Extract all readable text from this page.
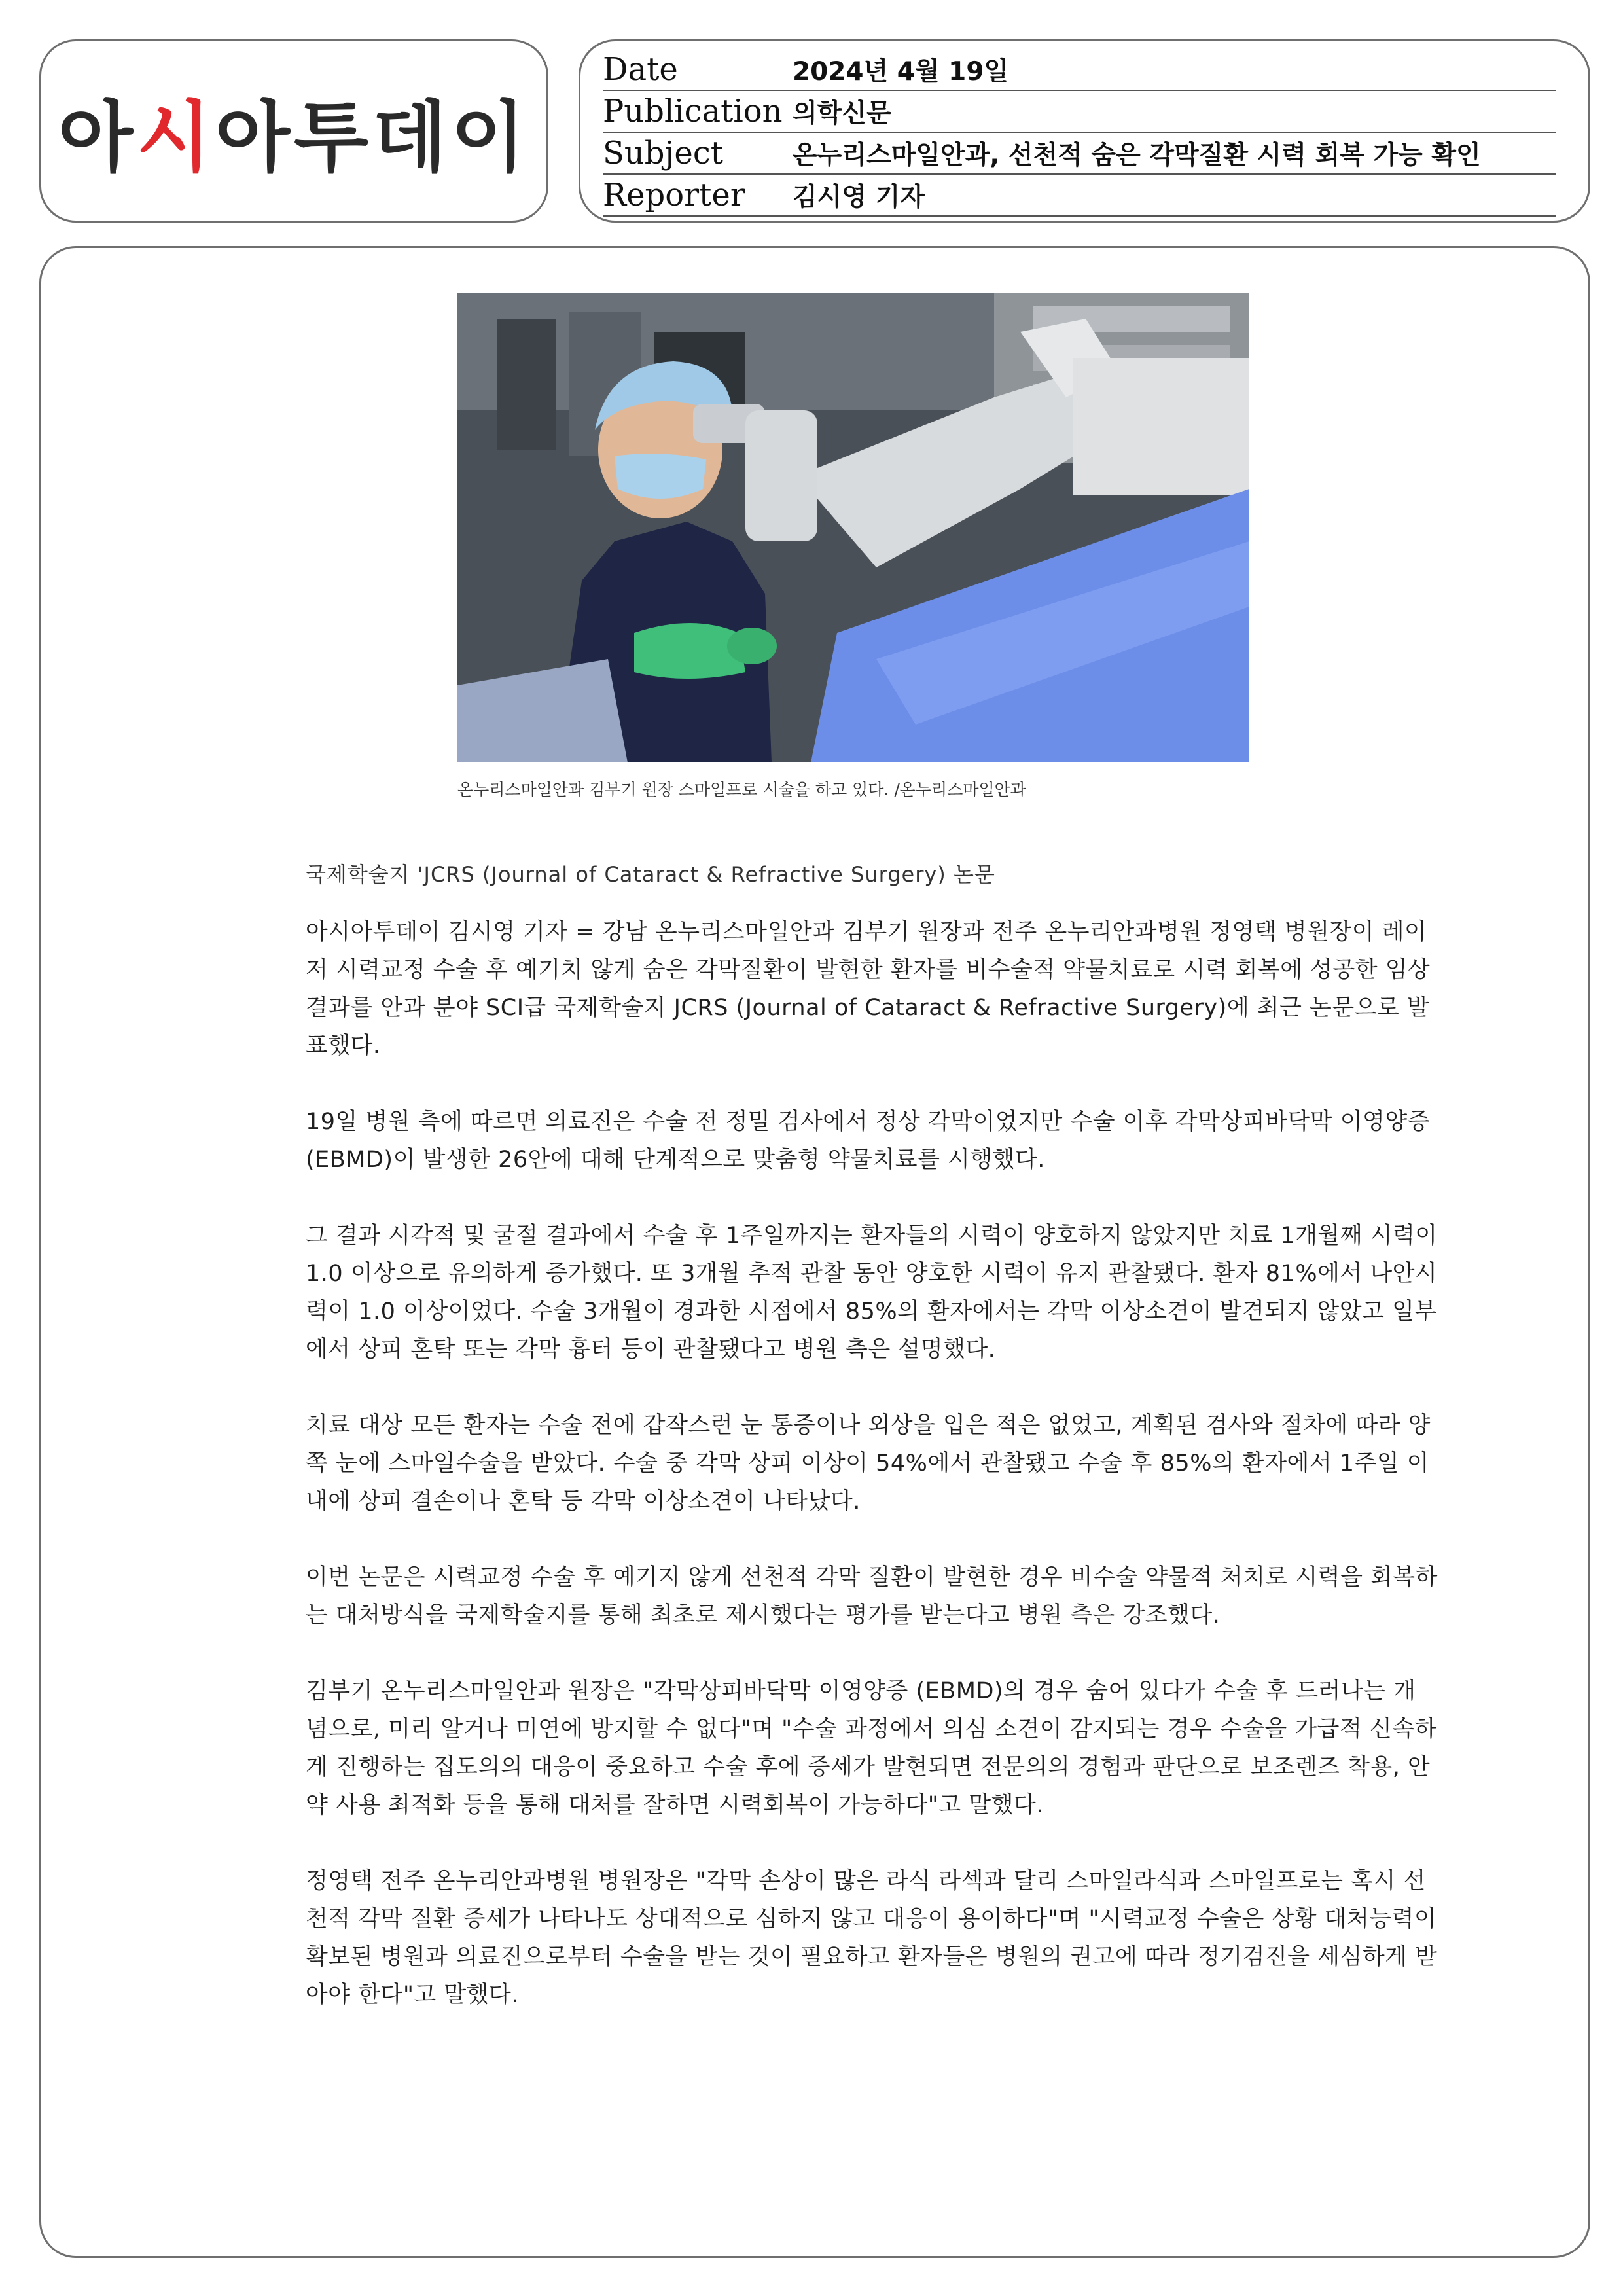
아 시 아투데이
Date	2024년 4월 19일
Publication 의학신문
Subject	온누리스마일안과, 선천적 숨은 각막질환 시력 회복 가능 확인
Reporter	김시영 기자
온누리스마일안과 김부기 원장 스마일프로 시술을 하고 있다. /온누리스마일안과
국제학술지 'JCRS (Journal of Cataract & Refractive Surgery) 논문

아시아투데이 김시영 기자 = 강남 온누리스마일안과 김부기 원장과 전주 온누리안과병원 정영택 병원장이 레이저 시력교정 수술 후 예기치 않게 숨은 각막질환이 발현한 환자를 비수술적 약물치료로 시력 회복에 성공한 임상 결과를 안과 분야 SCI급 국제학술지 JCRS (Journal of Cataract & Refractive Surgery)에 최근 논문으로 발표했다.

19일 병원 측에 따르면 의료진은 수술 전 정밀 검사에서 정상 각막이었지만 수술 이후 각막상피바닥막 이영양증 (EBMD)이 발생한 26안에 대해 단계적으로 맞춤형 약물치료를 시행했다.

그 결과 시각적 및 굴절 결과에서 수술 후 1주일까지는 환자들의 시력이 양호하지 않았지만 치료 1개월째 시력이 1.0 이상으로 유의하게 증가했다. 또 3개월 추적 관찰 동안 양호한 시력이 유지 관찰됐다. 환자 81%에서 나안시력이 1.0 이상이었다. 수술 3개월이 경과한 시점에서 85%의 환자에서는 각막 이상소견이 발견되지 않았고 일부에서 상피 혼탁 또는 각막 흉터 등이 관찰됐다고 병원 측은 설명했다.

치료 대상 모든 환자는 수술 전에 갑작스런 눈 통증이나 외상을 입은 적은 없었고, 계획된 검사와 절차에 따라 양쪽 눈에 스마일수술을 받았다. 수술 중 각막 상피 이상이 54%에서 관찰됐고 수술 후 85%의 환자에서 1주일 이내에 상피 결손이나 혼탁 등 각막 이상소견이 나타났다.

이번 논문은 시력교정 수술 후 예기지 않게 선천적 각막 질환이 발현한 경우 비수술 약물적 처치로 시력을 회복하는 대처방식을 국제학술지를 통해 최초로 제시했다는 평가를 받는다고 병원 측은 강조했다.

김부기 온누리스마일안과 원장은 "각막상피바닥막 이영양증 (EBMD)의 경우 숨어 있다가 수술 후 드러나는 개념으로, 미리 알거나 미연에 방지할 수 없다"며 "수술 과정에서 의심 소견이 감지되는 경우 수술을 가급적 신속하게 진행하는 집도의의 대응이 중요하고 수술 후에 증세가 발현되면 전문의의 경험과 판단으로 보조렌즈 착용, 안약 사용 최적화 등을 통해 대처를 잘하면 시력회복이 가능하다"고 말했다.

정영택 전주 온누리안과병원 병원장은 "각막 손상이 많은 라식 라섹과 달리 스마일라식과 스마일프로는 혹시 선천적 각막 질환 증세가 나타나도 상대적으로 심하지 않고 대응이 용이하다"며 "시력교정 수술은 상황 대처능력이 확보된 병원과 의료진으로부터 수술을 받는 것이 필요하고 환자들은 병원의 권고에 따라 정기검진을 세심하게 받아야 한다"고 말했다.
